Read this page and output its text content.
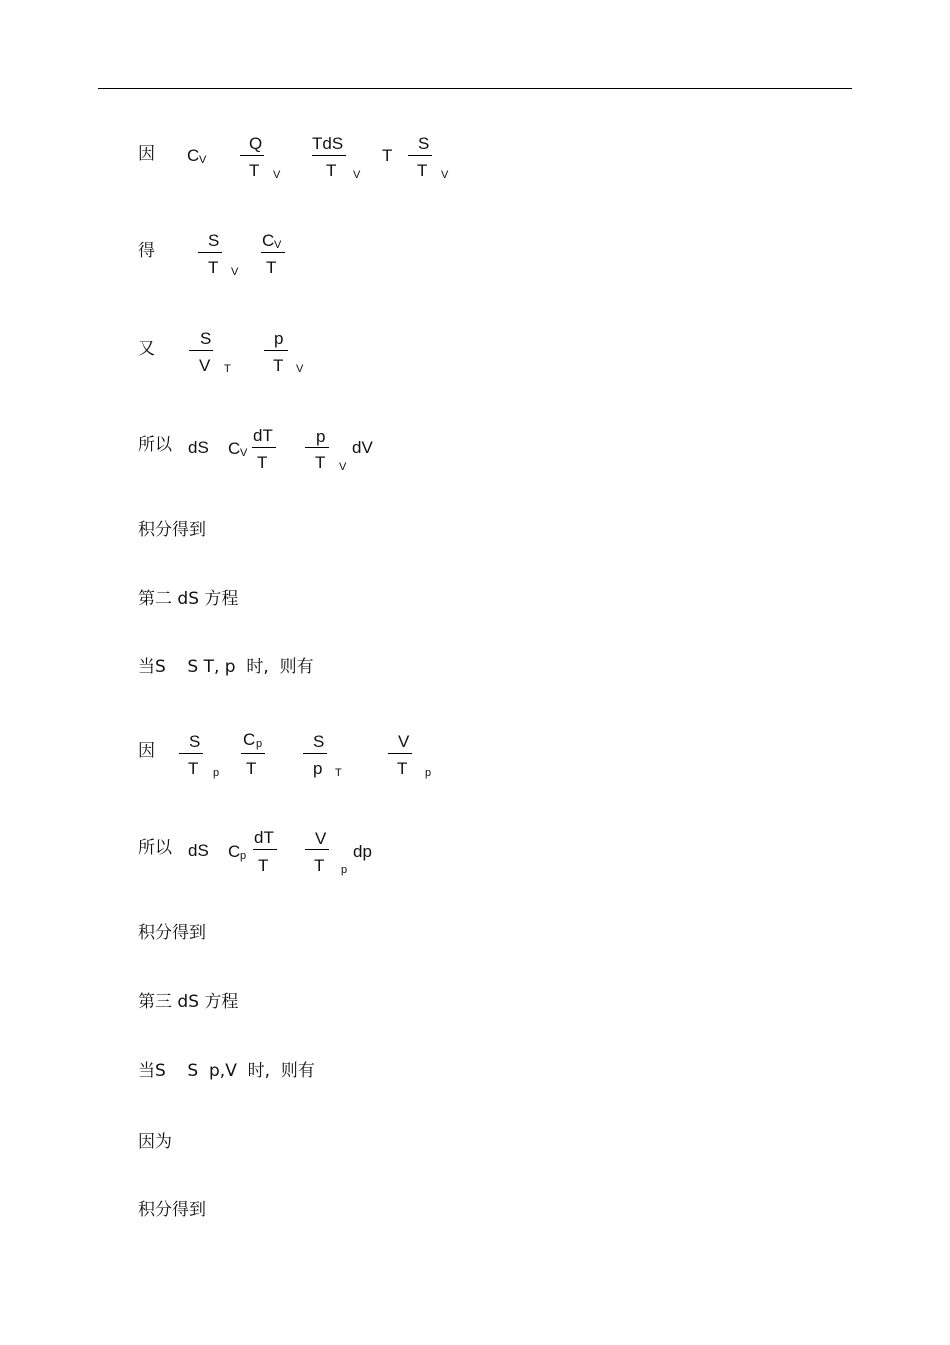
因 C V
Q
T V
TdS
T V
T
S
T V
得
S
T V
C V
T
又
S
V T
p
T V
所以 dS C V
dT
T
p
T V
dV
积分得到
第二 dS 方程
当S    S T, p  时,  则有
因 S
T p
C p
T
S
p T
V
T p
所以 dS C p
dT
T
V
T p
dp
积分得到
第三 dS 方程
当S    S  p,V  时,  则有
因为
积分得到
